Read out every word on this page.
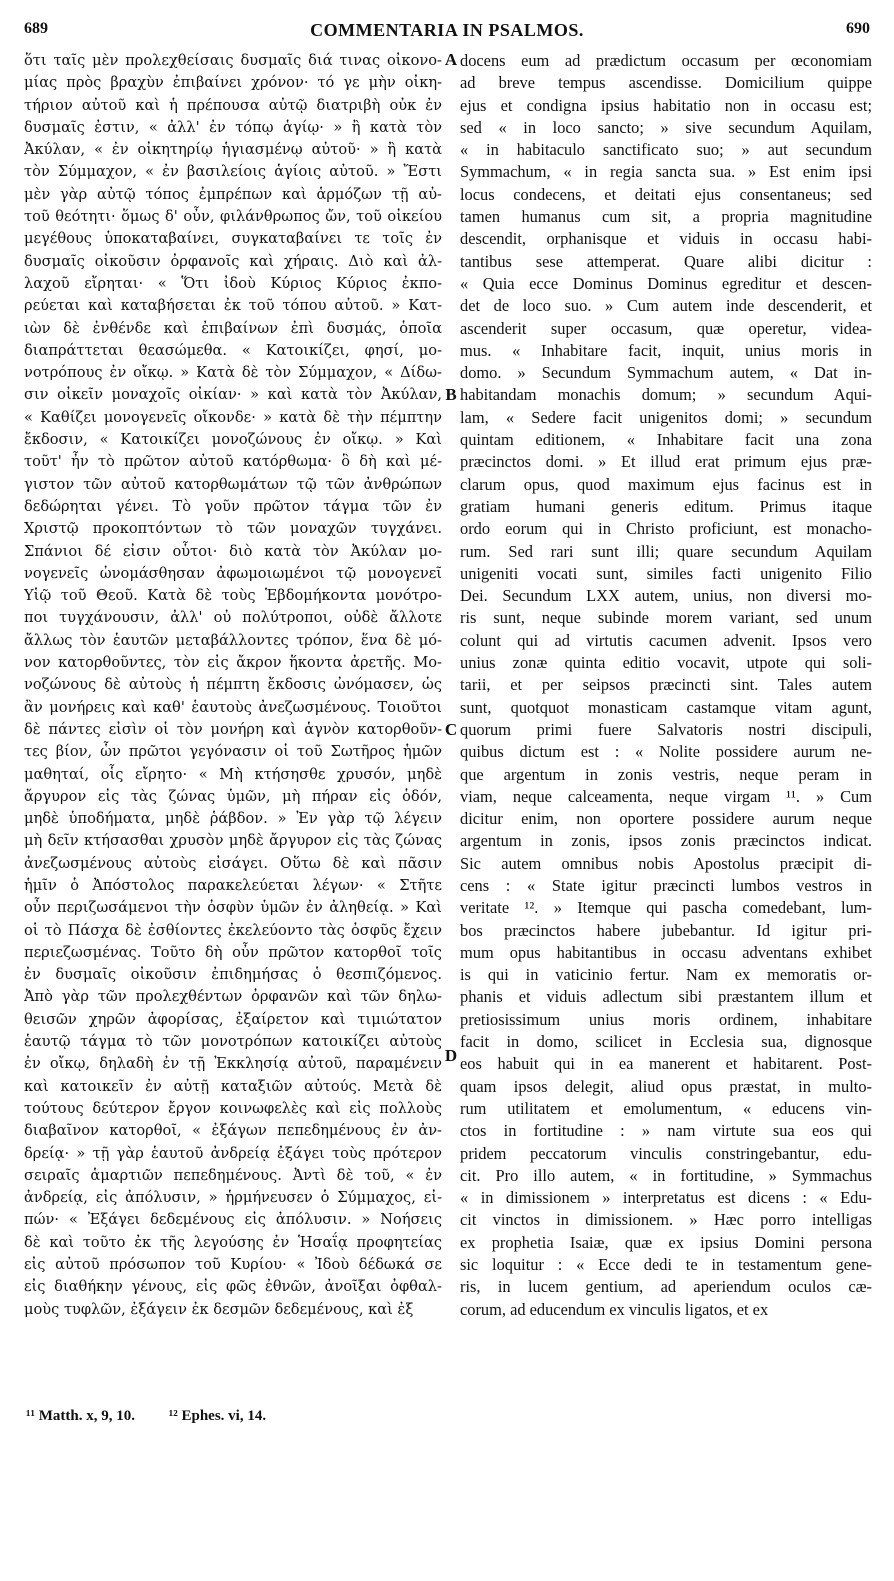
689	COMMENTARIA IN PSALMOS.	690
ὅτι ταῖς μὲν προλεχθείσαις δυσμαῖς διά τινας οἰκονο-
μίας πρὸς βραχὺν ἐπιβαίνει χρόνον· τό γε μὴν οἰκη-
τήριον αὐτοῦ καὶ ἡ πρέπουσα αὐτῷ διατριβὴ οὐκ ἐν
δυσμαῖς ἐστιν, « ἀλλ' ἐν τόπῳ ἁγίῳ· » ἢ κατὰ τὸν
Ἀκύλαν, « ἐν οἰκητηρίῳ ἡγιασμένῳ αὐτοῦ· » ἢ κατὰ
τὸν Σύμμαχον, « ἐν βασιλείοις ἁγίοις αὐτοῦ. » Ἔστι
μὲν γὰρ αὐτῷ τόπος ἐμπρέπων καὶ ἁρμόζων τῇ αὐ-
τοῦ θεότητι· ὅμως δ' οὖν, φιλάνθρωπος ὤν, τοῦ οἰκείου
μεγέθους ὑποκαταβαίνει, συγκαταβαίνει τε τοῖς ἐν
δυσμαῖς οἰκοῦσιν ὀρφανοῖς καὶ χήραις. Διὸ καὶ ἀλ-
λαχοῦ εἴρηται· « Ὅτι ἰδοὺ Κύριος Κύριος ἐκπο-
ρεύεται καὶ καταβήσεται ἐκ τοῦ τόπου αὐτοῦ. » Κατ-
ιὼν δὲ ἐνθένδε καὶ ἐπιβαίνων ἐπὶ δυσμάς, ὁποῖα
διαπράττεται θεασώμεθα. « Κατοικίζει, φησί, μο-
νοτρόπους ἐν οἴκῳ. » Κατὰ δὲ τὸν Σύμμαχον, « Δίδω-
σιν οἰκεῖν μοναχοῖς οἰκίαν· » καὶ κατὰ τὸν Ἀκύλαν,
« Καθίζει μονογενεῖς οἴκονδε· » κατὰ δὲ τὴν πέμπτην
ἔκδοσιν, « Κατοικίζει μονοζώνους ἐν οἴκῳ. » Καὶ
τοῦτ' ἦν τὸ πρῶτον αὐτοῦ κατόρθωμα· ὃ δὴ καὶ μέ-
γιστον τῶν αὐτοῦ κατορθωμάτων τῷ τῶν ἀνθρώπων
δεδώρηται γένει. Τὸ γοῦν πρῶτον τάγμα τῶν ἐν
Χριστῷ προκοπτόντων τὸ τῶν μοναχῶν τυγχάνει.
Σπάνιοι δέ εἰσιν οὗτοι· διὸ κατὰ τὸν Ἀκύλαν μο-
νογενεῖς ὠνομάσθησαν ἀφωμοιωμένοι τῷ μονογενεῖ
Υἱῷ τοῦ Θεοῦ. Κατὰ δὲ τοὺς Ἑβδομήκοντα μονότρο-
ποι τυγχάνουσιν, ἀλλ' οὐ πολύτροποι, οὐδὲ ἄλλοτε
ἄλλως τὸν ἑαυτῶν μεταβάλλοντες τρόπον, ἕνα δὲ μό-
νον κατορθοῦντες, τὸν εἰς ἄκρον ἥκοντα ἀρετῆς. Μο-
νοζώνους δὲ αὐτοὺς ἡ πέμπτη ἔκδοσις ὠνόμασεν, ὡς
ἂν μονήρεις καὶ καθ' ἑαυτοὺς ἀνεζωσμένους. Τοιοῦτοι
δὲ πάντες εἰσὶν οἱ τὸν μονήρη καὶ ἁγνὸν κατορθοῦν-
τες βίον, ὧν πρῶτοι γεγόνασιν οἱ τοῦ Σωτῆρος ἡμῶν
μαθηταί, οἷς εἴρητο· « Μὴ κτήσησθε χρυσόν, μηδὲ
ἄργυρον εἰς τὰς ζώνας ὑμῶν, μὴ πήραν εἰς ὁδόν,
μηδὲ ὑποδήματα, μηδὲ ῥάβδον. » Ἐν γὰρ τῷ λέγειν
μὴ δεῖν κτήσασθαι χρυσὸν μηδὲ ἄργυρον εἰς τὰς ζώνας
ἀνεζωσμένους αὐτοὺς εἰσάγει. Οὕτω δὲ καὶ πᾶσιν
ἡμῖν ὁ Ἀπόστολος παρακελεύεται λέγων· « Στῆτε
οὖν περιζωσάμενοι τὴν ὀσφὺν ὑμῶν ἐν ἀληθείᾳ. » Καὶ
οἱ τὸ Πάσχα δὲ ἐσθίοντες ἐκελεύοντο τὰς ὀσφῦς ἔχειν
περιεζωσμένας. Τοῦτο δὴ οὖν πρῶτον κατορθοῖ τοῖς
ἐν δυσμαῖς οἰκοῦσιν ἐπιδημήσας ὁ θεσπιζόμενος.
Ἀπὸ γὰρ τῶν προλεχθέντων ὀρφανῶν καὶ τῶν δηλω-
θεισῶν χηρῶν ἀφορίσας, ἐξαίρετον καὶ τιμιώτατον
ἑαυτῷ τάγμα τὸ τῶν μονοτρόπων κατοικίζει αὐτοὺς
ἐν οἴκῳ, δηλαδὴ ἐν τῇ Ἐκκλησίᾳ αὐτοῦ, παραμένειν
καὶ κατοικεῖν ἐν αὐτῇ καταξιῶν αὐτούς. Μετὰ δὲ
τούτους δεύτερον ἔργον κοινωφελὲς καὶ εἰς πολλοὺς
διαβαῖνον κατορθοῖ, « ἐξάγων πεπεδημένους ἐν ἀν-
δρείᾳ· » τῇ γὰρ ἑαυτοῦ ἀνδρείᾳ ἐξάγει τοὺς πρότερον
σειραῖς ἁμαρτιῶν πεπεδημένους. Ἀντὶ δὲ τοῦ, « ἐν
ἀνδρείᾳ, εἰς ἀπόλυσιν, » ἡρμήνευσεν ὁ Σύμμαχος, εἰ-
πών· « Ἐξάγει δεδεμένους εἰς ἀπόλυσιν. » Νοήσεις
δὲ καὶ τοῦτο ἐκ τῆς λεγούσης ἐν Ἡσαΐᾳ προφητείας
εἰς αὐτοῦ πρόσωπον τοῦ Κυρίου· « Ἰδοὺ δέδωκά σε
εἰς διαθήκην γένους, εἰς φῶς ἐθνῶν, ἀνοῖξαι ὀφθαλ-
μοὺς τυφλῶν, ἐξάγειν ἐκ δεσμῶν δεδεμένους, καὶ ἐξ
docens eum ad prædictum occasum per œconomiam
ad breve tempus ascendisse. Domicilium quippe
ejus et condigna ipsius habitatio non in occasu est;
sed « in loco sancto; » sive secundum Aquilam,
« in habitaculo sanctificato suo; » aut secundum
Symmachum, « in regia sancta sua. » Est enim ipsi
locus condecens, et deitati ejus consentaneus; sed
tamen humanus cum sit, a propria magnitudine
descendit, orphanisque et viduis in occasu habi-
tantibus sese attemperat. Quare alibi dicitur :
« Quia ecce Dominus Dominus egreditur et descen-
det de loco suo. » Cum autem inde descenderit, et
ascenderit super occasum, quæ operetur, videa-
mus. « Inhabitare facit, inquit, unius moris in
domo. » Secundum Symmachum autem, « Dat in-
habitandam monachis domum; » secundum Aqui-
lam, « Sedere facit unigenitos domi; » secundum
quintam editionem, « Inhabitare facit una zona
præcinctos domi. » Et illud erat primum ejus præ-
clarum opus, quod maximum ejus facinus est in
gratiam humani generis editum. Primus itaque
ordo eorum qui in Christo proficiunt, est monacho-
rum. Sed rari sunt illi; quare secundum Aquilam
unigeniti vocati sunt, similes facti unigenito Filio
Dei. Secundum LXX autem, unius, non diversi mo-
ris sunt, neque subinde morem variant, sed unum
colunt qui ad virtutis cacumen advenit. Ipsos vero
unius zonæ quinta editio vocavit, utpote qui soli-
tarii, et per seipsos præcincti sint. Tales autem
sunt, quotquot monasticam castamque vitam agunt,
quorum primi fuere Salvatoris nostri discipuli,
quibus dictum est : « Nolite possidere aurum ne-
que argentum in zonis vestris, neque peram in
viam, neque calceamenta, neque virgam ¹¹. » Cum
dicitur enim, non oportere possidere aurum neque
argentum in zonis, ipsos zonis præcinctos indicat.
Sic autem omnibus nobis Apostolus præcipit di-
cens : « State igitur præcincti lumbos vestros in
veritate ¹². » Itemque qui pascha comedebant, lum-
bos præcinctos habere jubebantur. Id igitur pri-
mum opus habitantibus in occasu adventans exhibet
is qui in vaticinio fertur. Nam ex memoratis or-
phanis et viduis adlectum sibi præstantem illum et
pretiosissimum unius moris ordinem, inhabitare
facit in domo, scilicet in Ecclesia sua, dignosque
eos habuit qui in ea manerent et habitarent. Post-
quam ipsos delegit, aliud opus præstat, in multo-
rum utilitatem et emolumentum, « educens vin-
ctos in fortitudine : » nam virtute sua eos qui
pridem peccatorum vinculis constringebantur, edu-
cit. Pro illo autem, « in fortitudine, » Symmachus
« in dimissionem » interpretatus est dicens : « Edu-
cit vinctos in dimissionem. » Hæc porro intelligas
ex prophetia Isaiæ, quæ ex ipsius Domini persona
sic loquitur : « Ecce dedi te in testamentum gene-
ris, in lucem gentium, ad aperiendum oculos cæ-
corum, ad educendum ex vinculis ligatos, et ex
A
B
C
D
¹¹ Matth. x, 9, 10. ¹² Ephes. vi, 14.
